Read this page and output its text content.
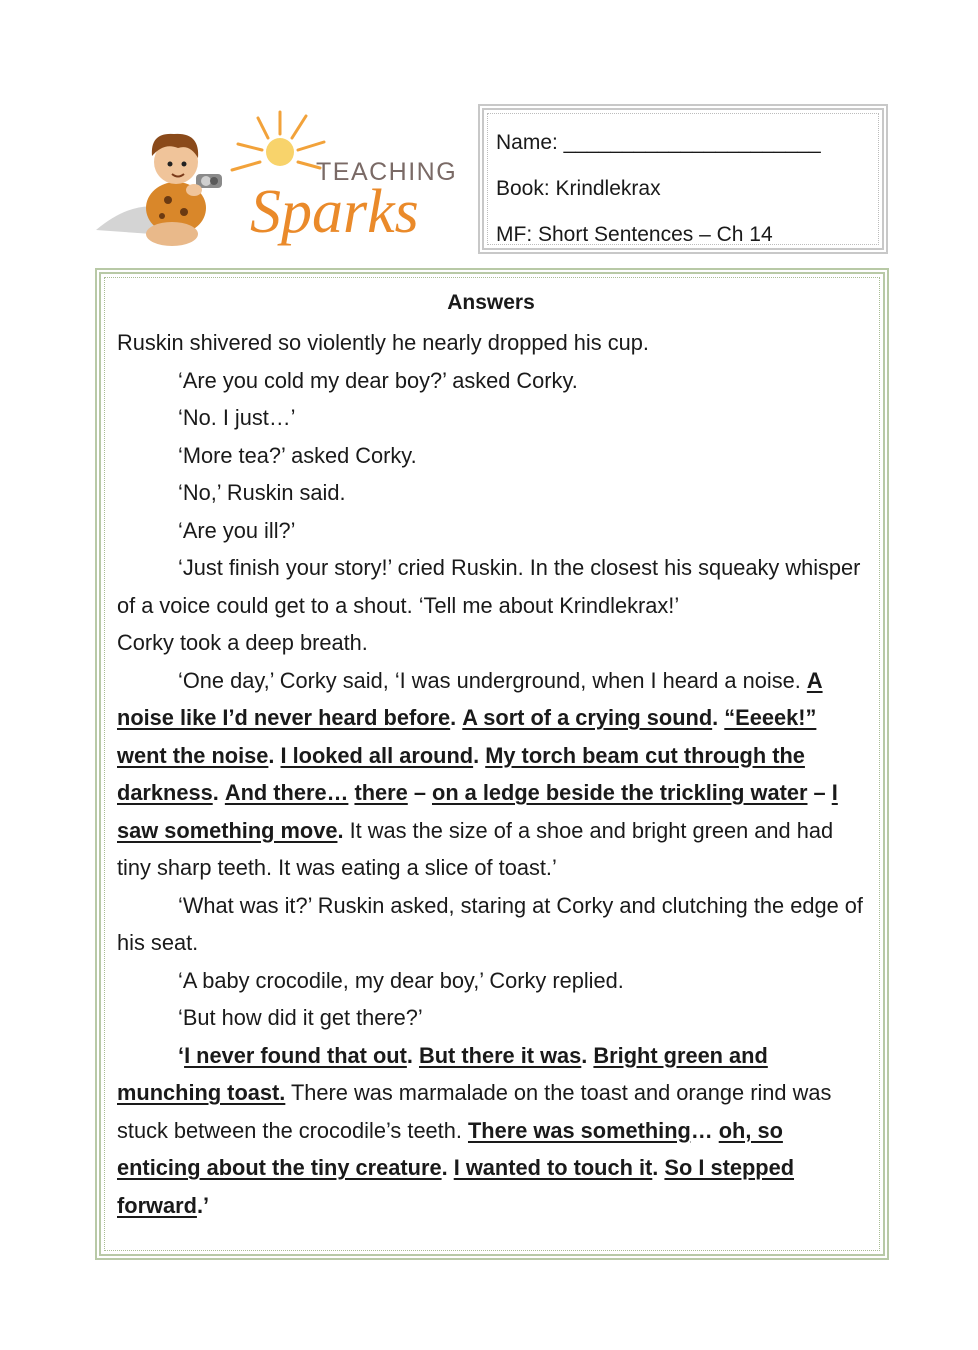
TEACHING
Sparks
Name: ______________________
Book: Krindlekrax
MF: Short Sentences – Ch 14
Answers

Ruskin shivered so violently he nearly dropped his cup.

‘Are you cold my dear boy?’ asked Corky.

‘No. I just…’

‘More tea?’ asked Corky.

‘No,’ Ruskin said.

‘Are you ill?’

‘Just finish your story!’ cried Ruskin. In the closest his squeaky whisper of a voice could get to a shout. ‘Tell me about Krindlekrax!’

Corky took a deep breath.

‘One day,’ Corky said, ‘I was underground, when I heard a noise. A noise like I’d never heard before. A sort of a crying sound. “Eeeek!” went the noise. I looked all around. My torch beam cut through the darkness. And there… there – on a ledge beside the trickling water – I saw something move. It was the size of a shoe and bright green and had tiny sharp teeth. It was eating a slice of toast.’

‘What was it?’ Ruskin asked, staring at Corky and clutching the edge of his seat.

‘A baby crocodile, my dear boy,’ Corky replied.

‘But how did it get there?’

‘I never found that out. But there it was. Bright green and munching toast. There was marmalade on the toast and orange rind was stuck between the crocodile’s teeth. There was something… oh, so enticing about the tiny creature. I wanted to touch it. So I stepped forward.’
